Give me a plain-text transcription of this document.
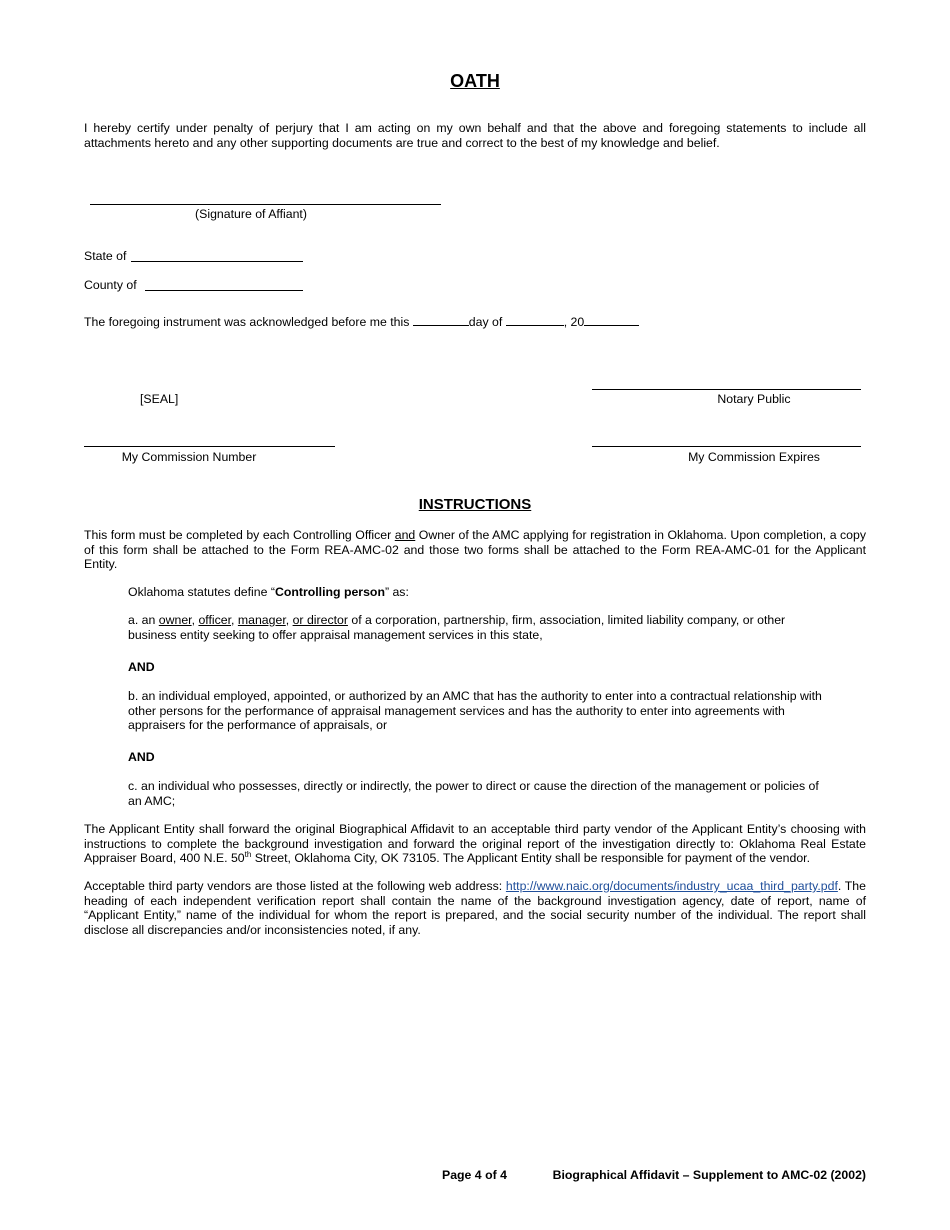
OATH
I hereby certify under penalty of perjury that I am acting on my own behalf and that the above and foregoing statements to include all attachments hereto and any other supporting documents are true and correct to the best of my knowledge and belief.
(Signature of Affiant)
State of
County of
The foregoing instrument was acknowledged before me this	day of	, 20
[SEAL]	Notary Public
My Commission Number	My Commission Expires
INSTRUCTIONS
This form must be completed by each Controlling Officer and Owner of the AMC applying for registration in Oklahoma. Upon completion, a copy of this form shall be attached to the Form REA-AMC-02 and those two forms shall be attached to the Form REA-AMC-01 for the Applicant Entity.
Oklahoma statutes define “Controlling person” as:
a. an owner, officer, manager, or director of a corporation, partnership, firm, association, limited liability company, or other business entity seeking to offer appraisal management services in this state,
AND
b. an individual employed, appointed, or authorized by an AMC that has the authority to enter into a contractual relationship with other persons for the performance of appraisal management services and has the authority to enter into agreements with appraisers for the performance of appraisals, or
AND
c. an individual who possesses, directly or indirectly, the power to direct or cause the direction of the management or policies of an AMC;
The Applicant Entity shall forward the original Biographical Affidavit to an acceptable third party vendor of the Applicant Entity’s choosing with instructions to complete the background investigation and forward the original report of the investigation directly to: Oklahoma Real Estate Appraiser Board, 400 N.E. 50th Street, Oklahoma City, OK 73105. The Applicant Entity shall be responsible for payment of the vendor.
Acceptable third party vendors are those listed at the following web address: http://www.naic.org/documents/industry_ucaa_third_party.pdf. The heading of each independent verification report shall contain the name of the background investigation agency, date of report, name of “Applicant Entity,” name of the individual for whom the report is prepared, and the social security number of the individual. The report shall disclose all discrepancies and/or inconsistencies noted, if any.
Page 4 of 4	Biographical Affidavit – Supplement to AMC-02 (2002)
